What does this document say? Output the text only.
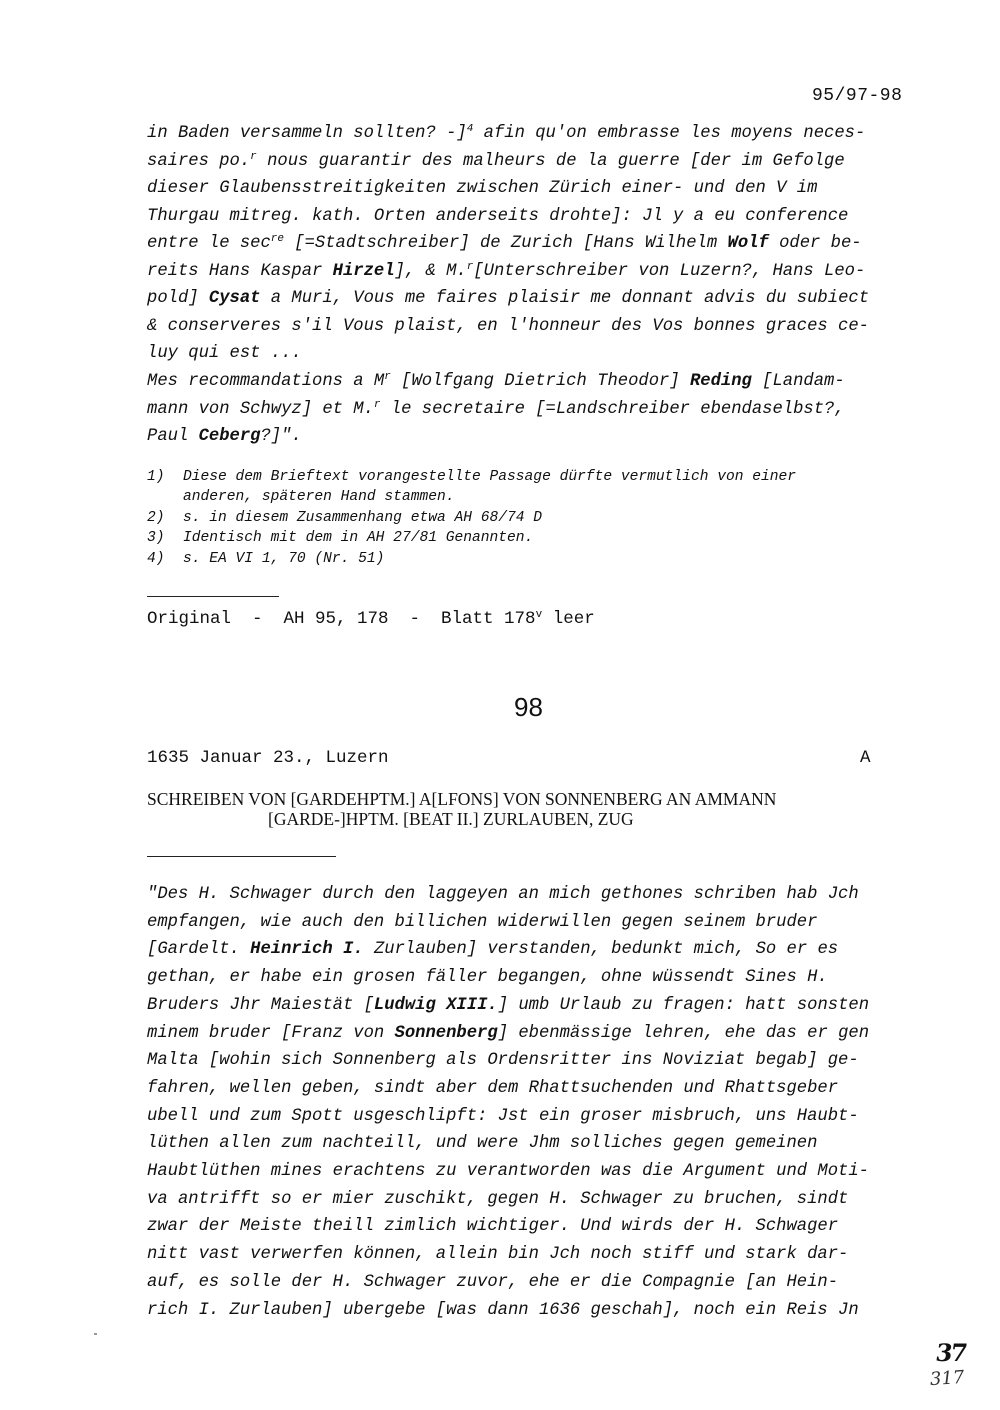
95/97-98
in Baden versammeln sollten? -]$^4$ afin qu'on embrasse les moyens neces-
saires po.$^r$ nous guarantir des malheurs de la guerre [der im Gefolge
dieser Glaubensstreitigkeiten zwischen Zürich einer- und den V im
Thurgau mitreg. kath. Orten anderseits drohte]: Jl y a eu conference
entre le $\sec^{re}$ [=Stadtschreiber] de Zurich [Hans Wilhelm Wolf oder be-
reits Hans Kaspar Hirzel], & M.$^r$[Unterschreiber von Luzern?, Hans Leo-
pold] Cysat a Muri, Vous me faires plaisir me donnant advis du subiect
& conserveres s'il Vous plaist, en l'honneur des Vos bonnes graces ce-
luy qui est ...
Mes recommandations a $M^r$ [Wolfgang Dietrich Theodor] Reding [Landam-
mann von Schwyz] et M.$^r$ le secretaire [=Landschreiber ebendaselbst?,
Paul Ceberg?]".
1) Diese dem Brieftext vorangestellte Passage dürfte vermutlich von einer
anderen, späteren Hand stammen.
2) s. in diesem Zusammenhang etwa AH 68/74 D
3) Identisch mit dem in AH 27/81 Genannten.
4) s. EA VI 1, 70 (Nr. 51)
Original  -  AH 95, 178  -  Blatt 178$^v$ leer
98
1635 Januar 23., Luzern	A
SCHREIBEN VON [GARDEHPTM.] A[LFONS] VON SONNENBERG AN AMMANN
[GARDE-]HPTM. [BEAT II.] ZURLAUBEN, ZUG
"Des H. Schwager durch den laggeyen an mich gethones schriben hab Jch
empfangen, wie auch den billichen widerwillen gegen seinem bruder
[Gardelt. Heinrich I. Zurlauben] verstanden, bedunkt mich, So er es
gethan, er habe ein grosen fäller begangen, ohne wüssendt Sines H.
Bruders Jhr Maiestät [Ludwig XIII.] umb Urlaub zu fragen: hatt sonsten
minem bruder [Franz von Sonnenberg] ebenmässige lehren, ehe das er gen
Malta [wohin sich Sonnenberg als Ordensritter ins Noviziat begab] ge-
fahren, wellen geben, sindt aber dem Rhattsuchenden und Rhattsgeber
ubell und zum Spott usgeschlipft: Jst ein groser misbruch, uns Haubt-
lüthen allen zum nachteill, und were Jhm solliches gegen gemeinen
Haubtlüthen mines erachtens zu verantworden was die Argument und Moti-
va antrifft so er mier zuschikt, gegen H. Schwager zu bruchen, sindt
zwar der Meiste theill zimlich wichtiger. Und wirds der H. Schwager
nitt vast verwerfen können, allein bin Jch noch stiff und stark dar-
auf, es solle der H. Schwager zuvor, ehe er die Compagnie [an Hein-
rich I. Zurlauben] ubergebe [was dann 1636 geschah], noch ein Reis Jn
37
317
